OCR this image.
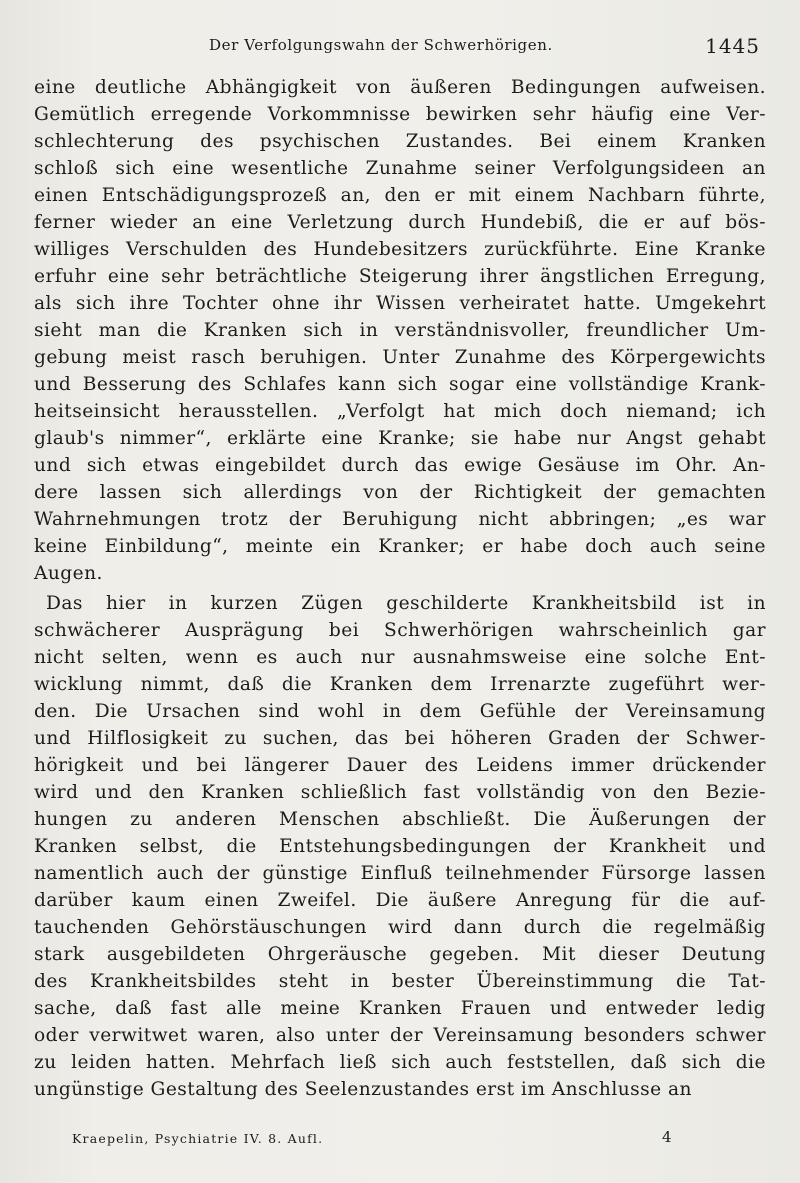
Der Verfolgungswahn der Schwerhörigen.	1445
eine deutliche Abhängigkeit von äußeren Bedingungen aufweisen.
Gemütlich erregende Vorkommnisse bewirken sehr häufig eine Ver-
schlechterung des psychischen Zustandes. Bei einem Kranken
schloß sich eine wesentliche Zunahme seiner Verfolgungsideen an
einen Entschädigungsprozeß an, den er mit einem Nachbarn führte,
ferner wieder an eine Verletzung durch Hundebiß, die er auf bös-
williges Verschulden des Hundebesitzers zurückführte. Eine Kranke
erfuhr eine sehr beträchtliche Steigerung ihrer ängstlichen Erregung,
als sich ihre Tochter ohne ihr Wissen verheiratet hatte. Umgekehrt
sieht man die Kranken sich in verständnisvoller, freundlicher Um-
gebung meist rasch beruhigen. Unter Zunahme des Körpergewichts
und Besserung des Schlafes kann sich sogar eine vollständige Krank-
heitseinsicht herausstellen. „Verfolgt hat mich doch niemand; ich
glaub's nimmer“, erklärte eine Kranke; sie habe nur Angst gehabt
und sich etwas eingebildet durch das ewige Gesäuse im Ohr. An-
dere lassen sich allerdings von der Richtigkeit der gemachten
Wahrnehmungen trotz der Beruhigung nicht abbringen; „es war
keine Einbildung“, meinte ein Kranker; er habe doch auch seine
Augen.
Das hier in kurzen Zügen geschilderte Krankheitsbild ist in
schwächerer Ausprägung bei Schwerhörigen wahrscheinlich gar
nicht selten, wenn es auch nur ausnahmsweise eine solche Ent-
wicklung nimmt, daß die Kranken dem Irrenarzte zugeführt wer-
den. Die Ursachen sind wohl in dem Gefühle der Vereinsamung
und Hilflosigkeit zu suchen, das bei höheren Graden der Schwer-
hörigkeit und bei längerer Dauer des Leidens immer drückender
wird und den Kranken schließlich fast vollständig von den Bezie-
hungen zu anderen Menschen abschließt. Die Äußerungen der
Kranken selbst, die Entstehungsbedingungen der Krankheit und
namentlich auch der günstige Einfluß teilnehmender Fürsorge lassen
darüber kaum einen Zweifel. Die äußere Anregung für die auf-
tauchenden Gehörstäuschungen wird dann durch die regelmäßig
stark ausgebildeten Ohrgeräusche gegeben. Mit dieser Deutung
des Krankheitsbildes steht in bester Übereinstimmung die Tat-
sache, daß fast alle meine Kranken Frauen und entweder ledig
oder verwitwet waren, also unter der Vereinsamung besonders schwer
zu leiden hatten. Mehrfach ließ sich auch feststellen, daß sich die
ungünstige Gestaltung des Seelenzustandes erst im Anschlusse an
Kraepelin, Psychiatrie IV. 8. Aufl.	4
